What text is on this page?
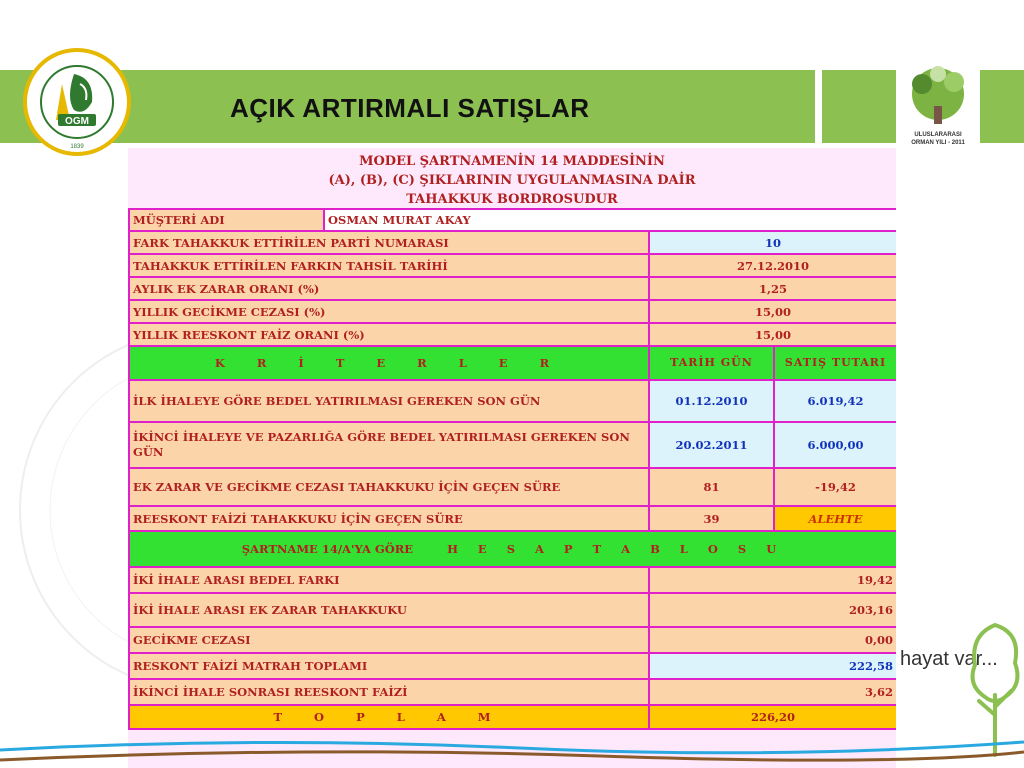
AÇIK ARTIRMALI SATIŞLAR
OGM
1839
ULUSLARARASI
ORMAN YILI - 2011
MODEL ŞARTNAMENİN 14 MADDESİNİN
(A), (B), (C) ŞIKLARININ UYGULANMASINA DAİR
TAHAKKUK BORDROSUDUR
MÜŞTERİ ADI	OSMAN MURAT AKAY		
FARK TAHAKKUK ETTİRİLEN PARTİ NUMARASI		10	
TAHAKKUK ETTİRİLEN FARKIN TAHSİL TARİHİ		27.12.2010	
AYLIK EK ZARAR ORANI (%)		1,25	
YILLIK GECİKME CEZASI (%)		15,00	
YILLIK REESKONT FAİZ ORANI (%)		15,00	
K R İ T E R L E R		TARİH GÜN	SATIŞ TUTARI
İLK İHALEYE GÖRE BEDEL YATIRILMASI GEREKEN SON GÜN		01.12.2010	6.019,42
İKİNCİ İHALEYE VE PAZARLIĞA GÖRE BEDEL YATIRILMASI GEREKEN SON GÜN		20.02.2011	6.000,00
EK ZARAR VE GECİKME CEZASI TAHAKKUKU İÇİN GEÇEN SÜRE		81	-19,42
REESKONT FAİZİ TAHAKKUKU İÇİN GEÇEN SÜRE		39	ALEHTE
ŞARTNAME 14/A'YA GÖRE H E S A P T A B L O S U			
İKİ İHALE ARASI BEDEL FARKI		19,42	
İKİ İHALE ARASI EK ZARAR TAHAKKUKU		203,16	
GECİKME CEZASI		0,00	
RESKONT FAİZİ MATRAH TOPLAMI		222,58	
İKİNCİ İHALE SONRASI REESKONT FAİZİ		3,62	
T O P L A M		226,20	
hayat var...
